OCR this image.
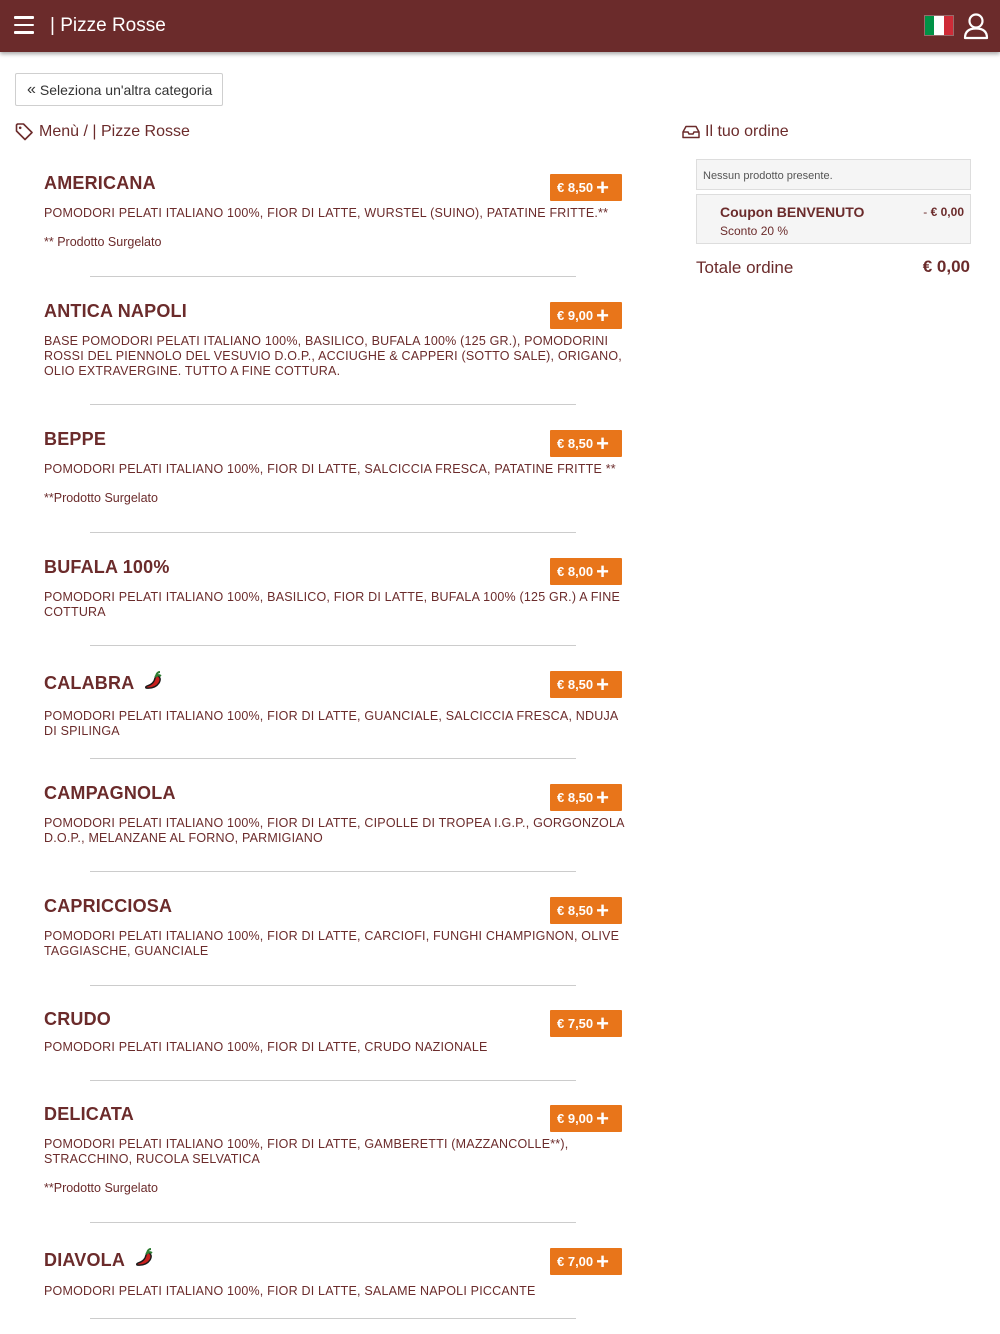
| Pizze Rosse
« Seleziona un'altra categoria
Menù / | Pizze Rosse
AMERICANA
POMODORI PELATI ITALIANO 100%, FIOR DI LATTE, WURSTEL (SUINO), PATATINE FRITTE.**
** Prodotto Surgelato
€ 8,50 +
ANTICA NAPOLI
BASE POMODORI PELATI ITALIANO 100%, BASILICO, BUFALA 100% (125 GR.), POMODORINI ROSSI DEL PIENNOLO DEL VESUVIO D.O.P., ACCIUGHE & CAPPERI (SOTTO SALE), ORIGANO, OLIO EXTRAVERGINE. TUTTO A FINE COTTURA.
€ 9,00 +
BEPPE
POMODORI PELATI ITALIANO 100%, FIOR DI LATTE, SALCICCIA FRESCA, PATATINE FRITTE **
**Prodotto Surgelato
€ 8,50 +
BUFALA 100%
POMODORI PELATI ITALIANO 100%, BASILICO, FIOR DI LATTE, BUFALA 100% (125 GR.) A FINE COTTURA
€ 8,00 +
CALABRA
POMODORI PELATI ITALIANO 100%, FIOR DI LATTE, GUANCIALE, SALCICCIA FRESCA, NDUJA DI SPILINGA
€ 8,50 +
CAMPAGNOLA
POMODORI PELATI ITALIANO 100%, FIOR DI LATTE, CIPOLLE DI TROPEA I.G.P., GORGONZOLA D.O.P., MELANZANE AL FORNO, PARMIGIANO
€ 8,50 +
CAPRICCIOSA
POMODORI PELATI ITALIANO 100%, FIOR DI LATTE, CARCIOFI, FUNGHI CHAMPIGNON, OLIVE TAGGIASCHE, GUANCIALE
€ 8,50 +
CRUDO
POMODORI PELATI ITALIANO 100%, FIOR DI LATTE, CRUDO NAZIONALE
€ 7,50 +
DELICATA
POMODORI PELATI ITALIANO 100%, FIOR DI LATTE, GAMBERETTI (MAZZANCOLLE**), STRACCHINO, RUCOLA SELVATICA
**Prodotto Surgelato
€ 9,00 +
DIAVOLA
POMODORI PELATI ITALIANO 100%, FIOR DI LATTE, SALAME NAPOLI PICCANTE
€ 7,00 +
Il tuo ordine
Nessun prodotto presente.
Coupon BENVENUTO
Sconto 20 %
- € 0,00
Totale ordine	€ 0,00
